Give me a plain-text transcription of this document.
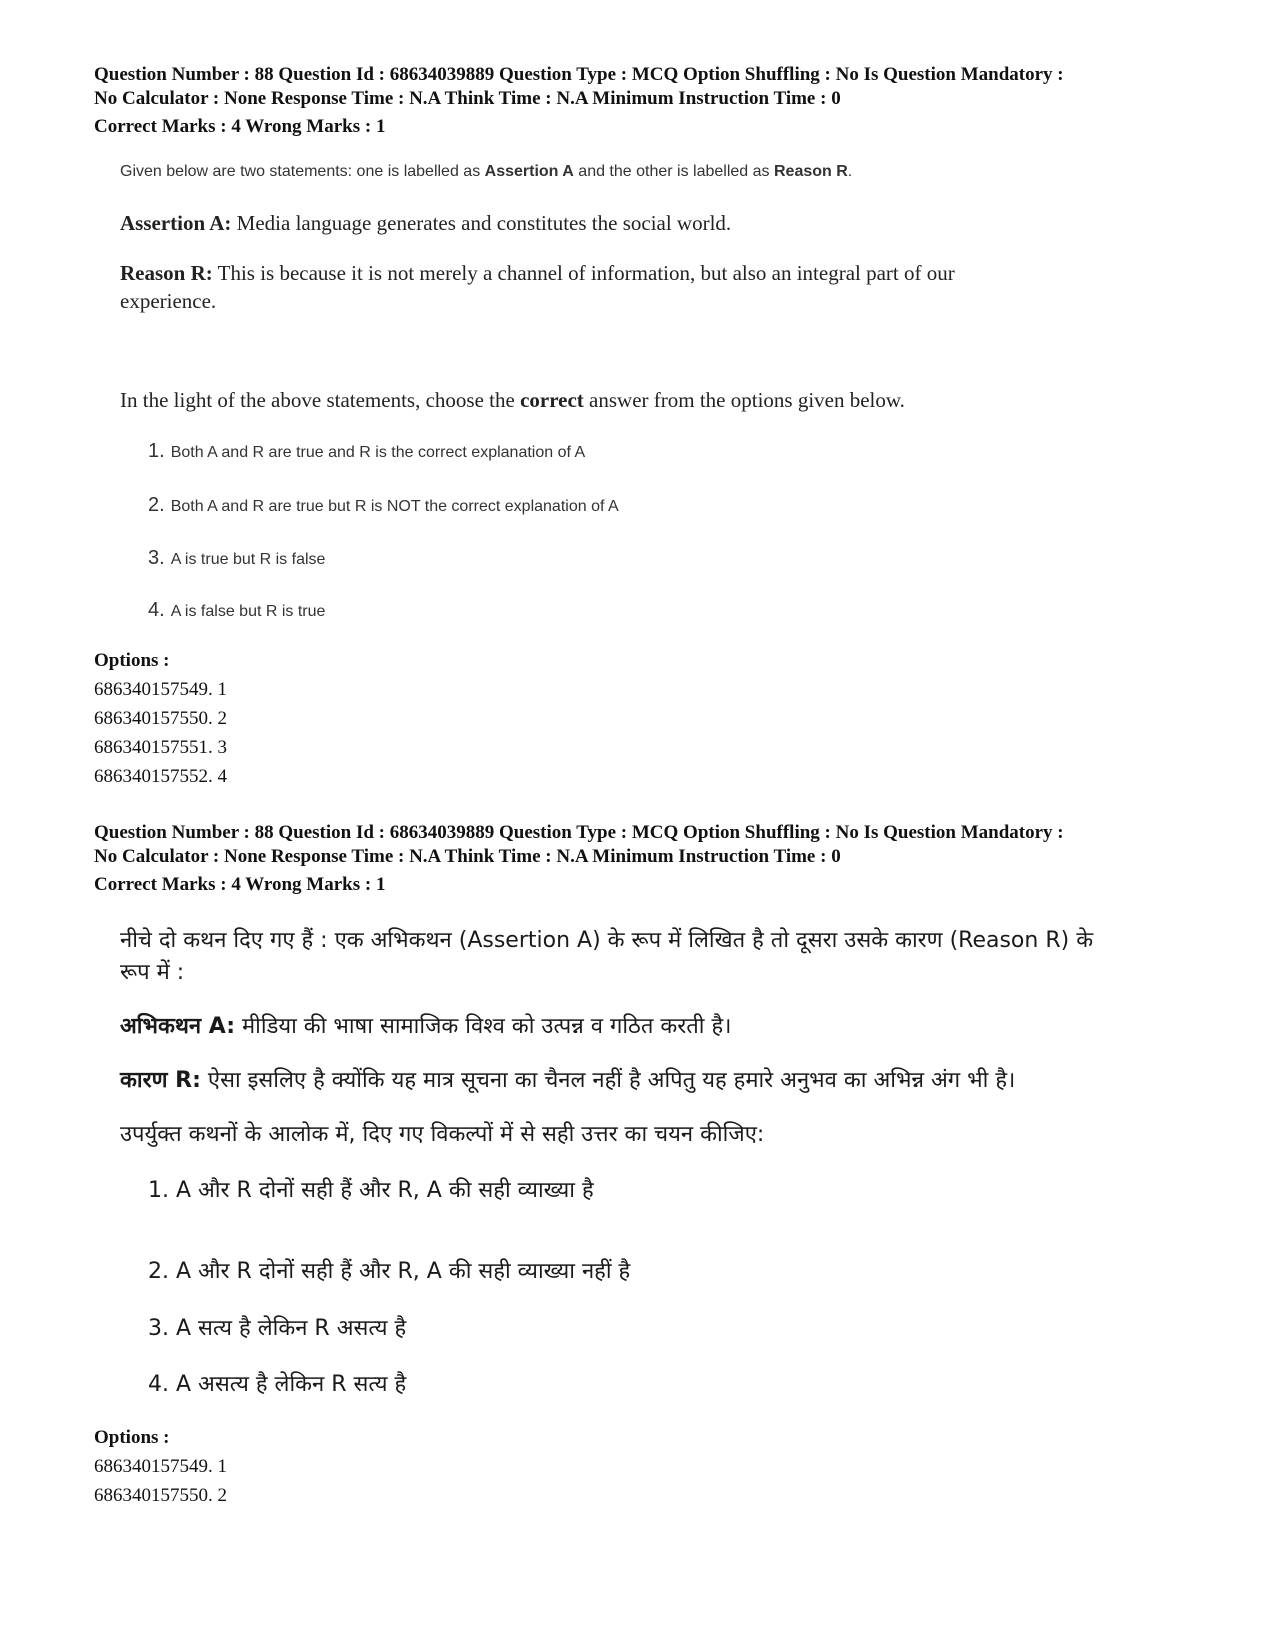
Question Number : 88 Question Id : 68634039889 Question Type : MCQ Option Shuffling : No Is Question Mandatory :
No Calculator : None Response Time : N.A Think Time : N.A Minimum Instruction Time : 0
Correct Marks : 4 Wrong Marks : 1
Given below are two statements: one is labelled as Assertion A and the other is labelled as Reason R.
Assertion A: Media language generates and constitutes the social world.
Reason R: This is because it is not merely a channel of information, but also an integral part of our
experience.
In the light of the above statements, choose the correct answer from the options given below.
1. Both A and R are true and R is the correct explanation of A
2. Both A and R are true but R is NOT the correct explanation of A
3. A is true but R is false
4. A is false but R is true
Options :
686340157549. 1
686340157550. 2
686340157551. 3
686340157552. 4
Question Number : 88 Question Id : 68634039889 Question Type : MCQ Option Shuffling : No Is Question Mandatory :
No Calculator : None Response Time : N.A Think Time : N.A Minimum Instruction Time : 0
Correct Marks : 4 Wrong Marks : 1
नीचे दो कथन दिए गए हैं : एक अभिकथन (Assertion A) के रूप में लिखित है तो दूसरा उसके कारण (Reason R) के
रूप में :
अभिकथन A: मीडिया की भाषा सामाजिक विश्व को उत्पन्न व गठित करती है।
कारण R: ऐसा इसलिए है क्योंकि यह मात्र सूचना का चैनल नहीं है अपितु यह हमारे अनुभव का अभिन्न अंग भी है।
उपर्युक्त कथनों के आलोक में, दिए गए विकल्पों में से सही उत्तर का चयन कीजिए:
1. A और R दोनों सही हैं और R, A की सही व्याख्या है
2. A और R दोनों सही हैं और R, A की सही व्याख्या नहीं है
3. A सत्य है लेकिन R असत्य है
4. A असत्य है लेकिन R सत्य है
Options :
686340157549. 1
686340157550. 2
